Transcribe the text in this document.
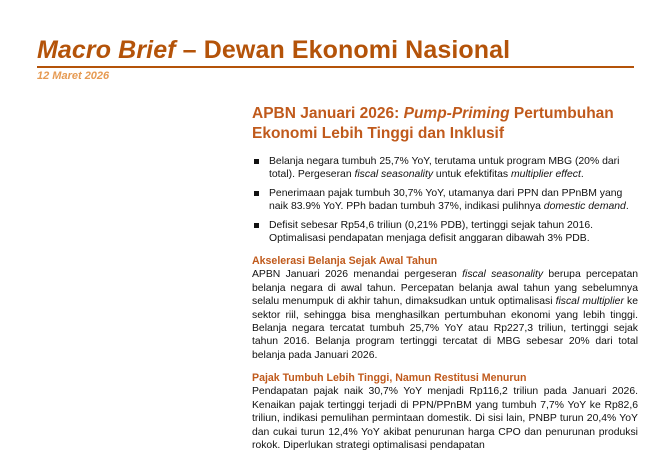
Macro Brief – Dewan Ekonomi Nasional
12 Maret 2026
APBN Januari 2026: Pump-Priming Pertumbuhan Ekonomi Lebih Tinggi dan Inklusif
Belanja negara tumbuh 25,7% YoY, terutama untuk program MBG (20% dari total). Pergeseran fiscal seasonality untuk efektifitas multiplier effect.
Penerimaan pajak tumbuh 30,7% YoY, utamanya dari PPN dan PPnBM yang naik 83.9% YoY. PPh badan tumbuh 37%, indikasi pulihnya domestic demand.
Defisit sebesar Rp54,6 triliun (0,21% PDB), tertinggi sejak tahun 2016. Optimalisasi pendapatan menjaga defisit anggaran dibawah 3% PDB.
Akselerasi Belanja Sejak Awal Tahun
APBN Januari 2026 menandai pergeseran fiscal seasonality berupa percepatan belanja negara di awal tahun. Percepatan belanja awal tahun yang sebelumnya selalu menumpuk di akhir tahun, dimaksudkan untuk optimalisasi fiscal multiplier ke sektor riil, sehingga bisa menghasilkan pertumbuhan ekonomi yang lebih tinggi. Belanja negara tercatat tumbuh 25,7% YoY atau Rp227,3 triliun, tertinggi sejak tahun 2016. Belanja program tertinggi tercatat di MBG sebesar 20% dari total belanja pada Januari 2026.
Pajak Tumbuh Lebih Tinggi, Namun Restitusi Menurun
Pendapatan pajak naik 30,7% YoY menjadi Rp116,2 triliun pada Januari 2026. Kenaikan pajak tertinggi terjadi di PPN/PPnBM yang tumbuh 7,7% YoY ke Rp82,6 triliun, indikasi pemulihan permintaan domestik. Di sisi lain, PNBP turun 20,4% YoY dan cukai turun 12,4% YoY akibat penurunan harga CPO dan penurunan produksi rokok. Diperlukan strategi optimalisasi pendapatan
